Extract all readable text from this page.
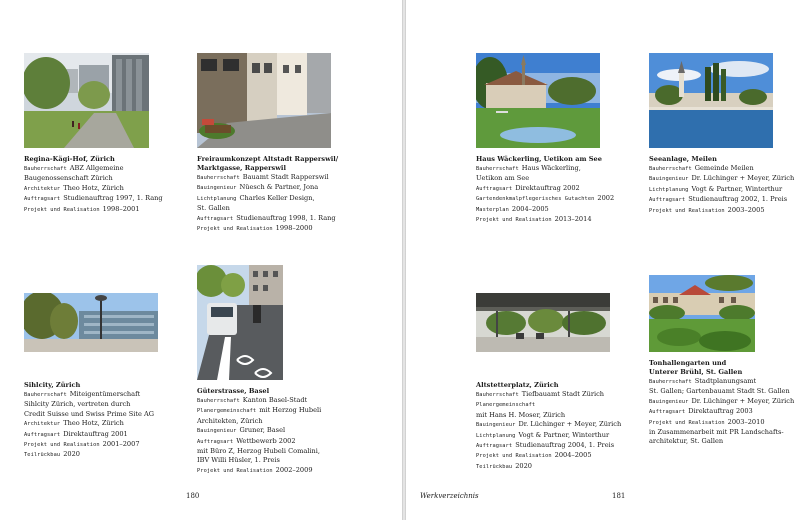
Regina-Kägi-Hof, Zürich
Bauherrschaft ABZ Allgemeine
Baugenossenschaft Zürich
Architektur Theo Hotz, Zürich
Auftragsart Studienauftrag 1997, 1. Rang
Projekt und Realisation 1998–2001
Freiraumkonzept Altstadt Rapperswil/
Marktgasse, Rapperswil
Bauherrschaft Bauamt Stadt Rapperswil
Bauingenieur Nüesch & Partner, Jona
Lichtplanung Charles Keller Design,
St. Gallen
Auftragsart Studienauftrag 1998, 1. Rang
Projekt und Realisation 1998–2000
Sihlcity, Zürich
Bauherrschaft Miteigentümerschaft
Sihlcity Zürich, vertreten durch
Credit Suisse und Swiss Prime Site AG
Architektur Theo Hotz, Zürich
Auftragsart Direktauftrag 2001
Projekt und Realisation 2001–2007
Teilrückbau 2020
Güterstrasse, Basel
Bauherrschaft Kanton Basel-Stadt
Planergemeinschaft mit Herzog Hubeli
Architekten, Zürich
Bauingenieur Gruner, Basel
Auftragsart Wettbewerb 2002
mit Büro Z, Herzog Hubeli Comalini,
IBV Willi Hüsler, 1. Preis
Projekt und Realisation 2002–2009
180
Haus Wäckerling, Uetikon am See
Bauherrschaft Haus Wäckerling,
Uetikon am See
Auftragsart Direktauftrag 2002
Gartendenkmalpflegerisches Gutachten 2002
Masterplan 2004–2005
Projekt und Realisation 2013–2014
Seeanlage, Meilen
Bauherrschaft Gemeinde Meilen
Bauingenieur Dr. Lüchinger + Meyer, Zürich
Lichtplanung Vogt & Partner, Winterthur
Auftragsart Studienauftrag 2002, 1. Preis
Projekt und Realisation 2003–2005
Altstetterplatz, Zürich
Bauherrschaft Tiefbauamt Stadt Zürich
Planergemeinschaft
mit Hans H. Moser, Zürich
Bauingenieur Dr. Lüchinger + Meyer, Zürich
Lichtplanung Vogt & Partner, Winterthur
Auftragsart Studienauftrag 2004, 1. Preis
Projekt und Realisation 2004–2005
Teilrückbau 2020
Tonhallengarten und
Unterer Brühl, St. Gallen
Bauherrschaft Stadtplanungsamt
St. Gallen; Gartenbauamt Stadt St. Gallen
Bauingenieur Dr. Lüchinger + Meyer, Zürich
Auftragsart Direktauftrag 2003
Projekt und Realisation 2003–2010
in Zusammenarbeit mit PR Landschafts-
architektur, St. Gallen
Werkverzeichnis	181
